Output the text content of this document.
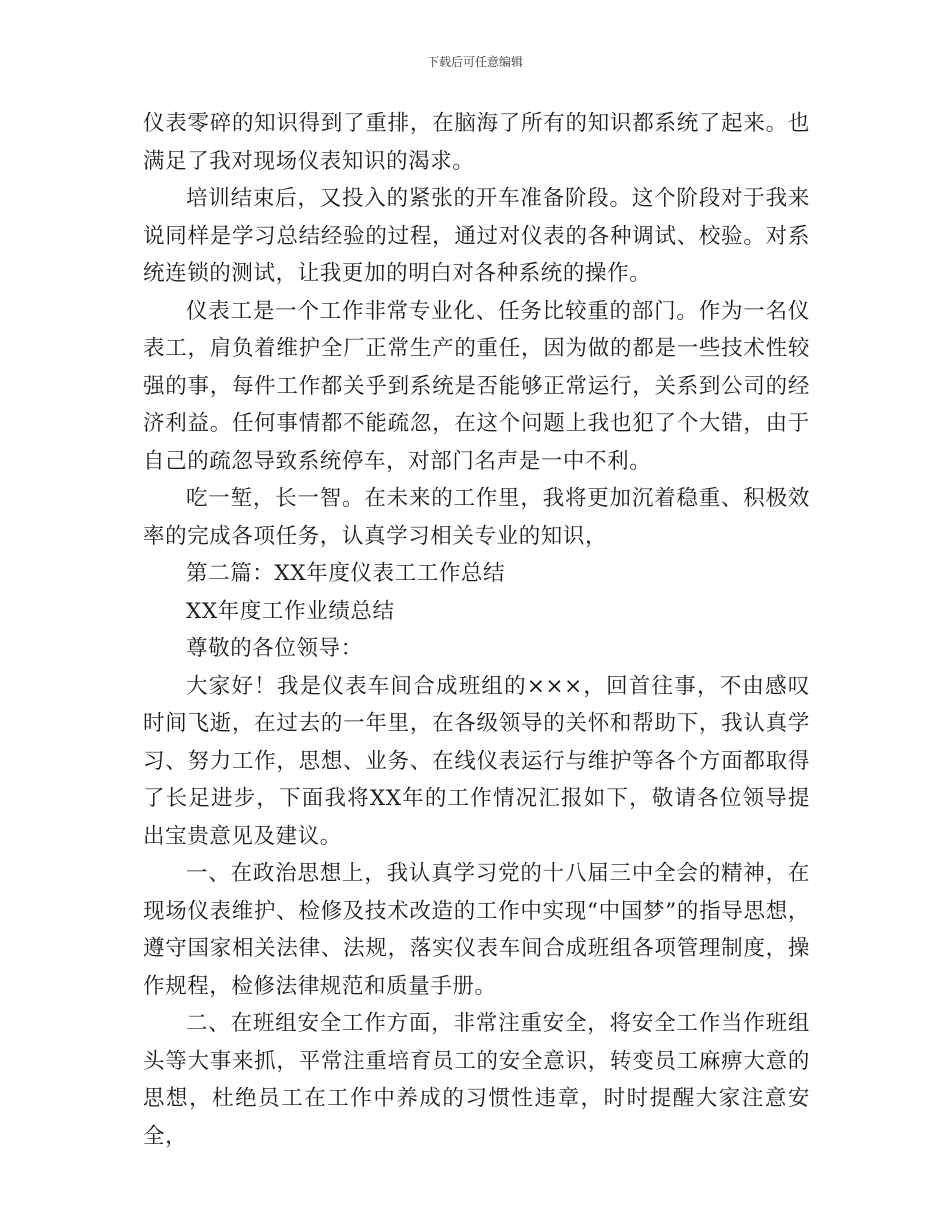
下载后可任意编辑

仪表零碎的知识得到了重排，在脑海了所有的知识都系统了起来。也满足了我对现场仪表知识的渴求。

培训结束后，又投入的紧张的开车准备阶段。这个阶段对于我来说同样是学习总结经验的过程，通过对仪表的各种调试、校验。对系统连锁的测试，让我更加的明白对各种系统的操作。

仪表工是一个工作非常专业化、任务比较重的部门。作为一名仪表工，肩负着维护全厂正常生产的重任，因为做的都是一些技术性较强的事，每件工作都关乎到系统是否能够正常运行，关系到公司的经济利益。任何事情都不能疏忽，在这个问题上我也犯了个大错，由于自己的疏忽导致系统停车，对部门名声是一中不利。

吃一堑，长一智。在未来的工作里，我将更加沉着稳重、积极效率的完成各项任务，认真学习相关专业的知识，

第二篇：XX年度仪表工工作总结

XX年度工作业绩总结

尊敬的各位领导：

大家好！我是仪表车间合成班组的×××，回首往事，不由感叹时间飞逝，在过去的一年里，在各级领导的关怀和帮助下，我认真学习、努力工作，思想、业务、在线仪表运行与维护等各个方面都取得了长足进步，下面我将XX年的工作情况汇报如下，敬请各位领导提出宝贵意见及建议。

一、在政治思想上，我认真学习党的十八届三中全会的精神，在现场仪表维护、检修及技术改造的工作中实现“中国梦”的指导思想，遵守国家相关法律、法规，落实仪表车间合成班组各项管理制度，操作规程，检修法律规范和质量手册。

二、在班组安全工作方面，非常注重安全，将安全工作当作班组头等大事来抓，平常注重培育员工的安全意识，转变员工麻痹大意的思想，杜绝员工在工作中养成的习惯性违章，时时提醒大家注意安全，
